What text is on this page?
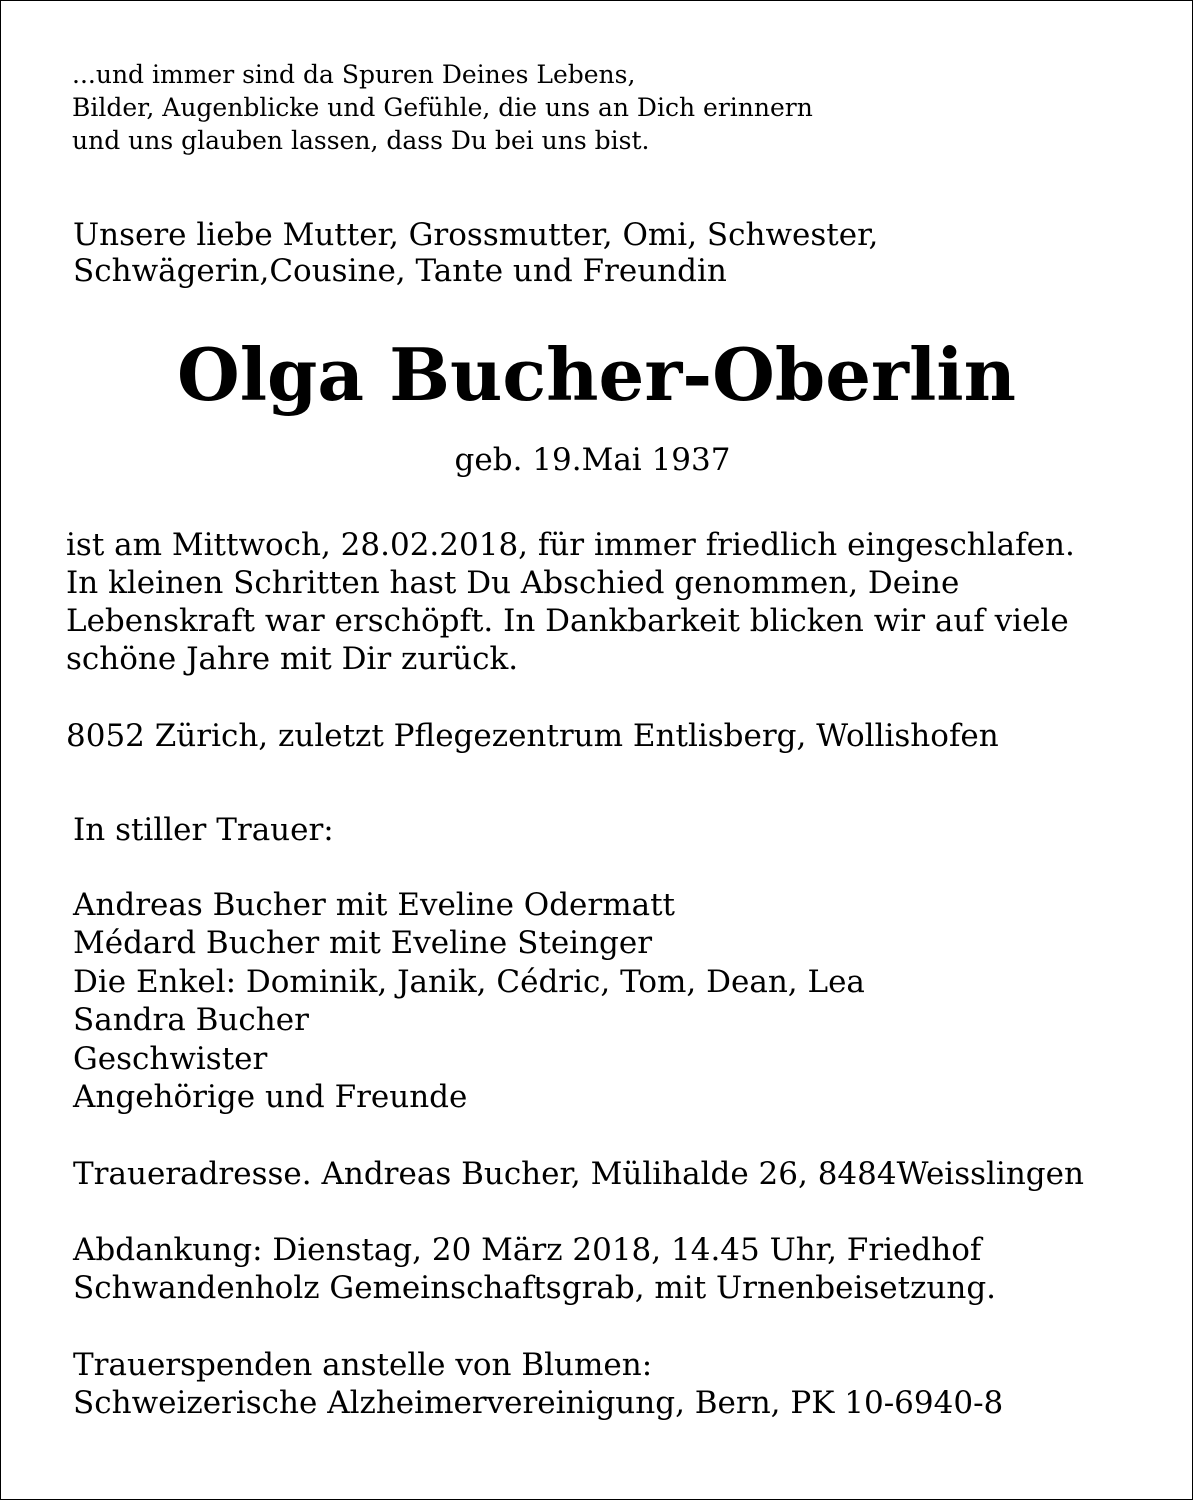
...und immer sind da Spuren Deines Lebens,

Bilder, Augenblicke und Gefühle, die uns an Dich erinnern

und uns glauben lassen, dass Du bei uns bist.

Unsere liebe Mutter, Grossmutter, Omi, Schwester,

Schwägerin,Cousine, Tante und Freundin

Olga Bucher-Oberlin

geb. 19.Mai 1937

ist am Mittwoch, 28.02.2018, für immer friedlich eingeschlafen.

In kleinen Schritten hast Du Abschied genommen, Deine

Lebenskraft war erschöpft. In Dankbarkeit blicken wir auf viele

schöne Jahre mit Dir zurück.

8052 Zürich, zuletzt Pflegezentrum Entlisberg, Wollishofen

In stiller Trauer:

Andreas Bucher mit Eveline Odermatt

Médard Bucher mit Eveline Steinger

Die Enkel: Dominik, Janik, Cédric, Tom, Dean, Lea

Sandra Bucher

Geschwister

Angehörige und Freunde

Traueradresse. Andreas Bucher, Mülihalde 26, 8484Weisslingen

Abdankung: Dienstag, 20 März 2018, 14.45 Uhr, Friedhof

Schwandenholz Gemeinschaftsgrab, mit Urnenbeisetzung.

Trauerspenden anstelle von Blumen:

Schweizerische Alzheimervereinigung, Bern, PK 10-6940-8
